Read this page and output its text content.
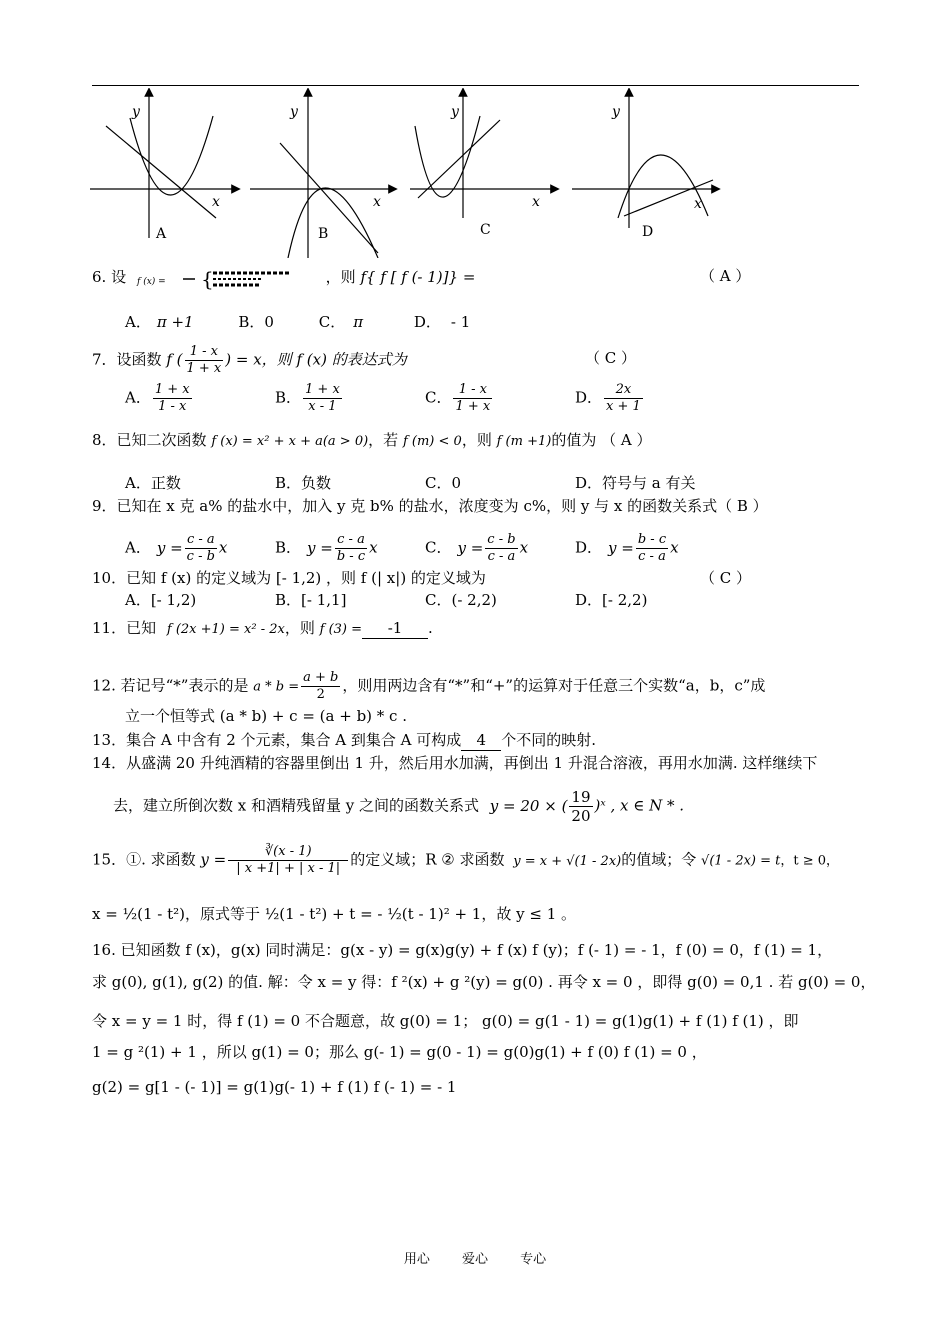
y
x
A
y
x
B
y
x
C
y
x
D
6. 设 f (x) = {	，则 f{ f [ f (- 1)]} =	（ A ）
A． π +1	B．0	C． π	D． - 1
7．设函数 f ( $\frac{1 - x}{1 + x}$ ) = x，则 f (x) 的表达式为	（ C ）
A． $\frac{1 + x}{1 - x}$	B． $\frac{1 + x}{x - 1}$	C． $\frac{1 - x}{1 + x}$	D． $\frac{2x}{x + 1}$
8．已知二次函数 f (x) = x² + x + a(a > 0)，若 f (m) < 0，则 f (m +1)的值为 （ A ）
A．正数	B．负数	C．0	D．符号与 a 有关
9．已知在 x 克 a% 的盐水中，加入 y 克 b% 的盐水，浓度变为 c%，则 y 与 x 的函数关系式（ B ）
A． $y = \frac{c - a}{c - b}$ x	B． $y = \frac{c - a}{b - c}$ x	C． $y = \frac{c - b}{c - a}$ x	D． $y = \frac{b - c}{c - a}$ x
10．已知 f (x) 的定义域为 [- 1,2) ，则 f (| x|) 的定义域为	（ C ）
A．[- 1,2)	B．[- 1,1]	C．(- 2,2)	D．[- 2,2)
11．已知 f (2x +1) = x² - 2x，则 f (3) = -1 .
12. 若记号“*”表示的是 $a * b = \frac{a + b}{2}$ ，则用两边含有“*”和“+”的运算对于任意三个实数“a，b，c”成
立一个恒等式 (a * b) + c = (a + b) * c .
13．集合 A 中含有 2 个元素，集合 A 到集合 A 可构成 4 个不同的映射.
14．从盛满 20 升纯酒精的容器里倒出 1 升，然后用水加满，再倒出 1 升混合溶液，再用水加满. 这样继续下
去，建立所倒次数 x 和酒精残留量 y 之间的函数关系式 y = 20 × ( $\frac{19}{20}$ )ˣ , x ∈ N * .
15．①. 求函数 $y = \frac{∛(x - 1)}{| x +1| + | x - 1|}$ 的定义域；R ② 求函数 y = x + √(1 - 2x)的值域；令 √(1 - 2x) = t，t ≥ 0，
x = ½(1 - t²)，原式等于 ½(1 - t²) + t = - ½(t - 1)² + 1，故 y ≤ 1 。
16. 已知函数 f (x)，g(x) 同时满足：g(x - y) = g(x)g(y) + f (x) f (y)；f (- 1) = - 1，f (0) = 0，f (1) = 1，
求 g(0), g(1), g(2) 的值. 解：令 x = y 得：f ²(x) + g ²(y) = g(0) . 再令 x = 0 ，即得 g(0) = 0,1 . 若 g(0) = 0，
令 x = y = 1 时，得 f (1) = 0 不合题意，故 g(0) = 1； g(0) = g(1 - 1) = g(1)g(1) + f (1) f (1) ，即
1 = g ²(1) + 1 ，所以 g(1) = 0；那么 g(- 1) = g(0 - 1) = g(0)g(1) + f (0) f (1) = 0 ，
g(2) = g[1 - (- 1)] = g(1)g(- 1) + f (1) f (- 1) = - 1
用心 爱心 专心
